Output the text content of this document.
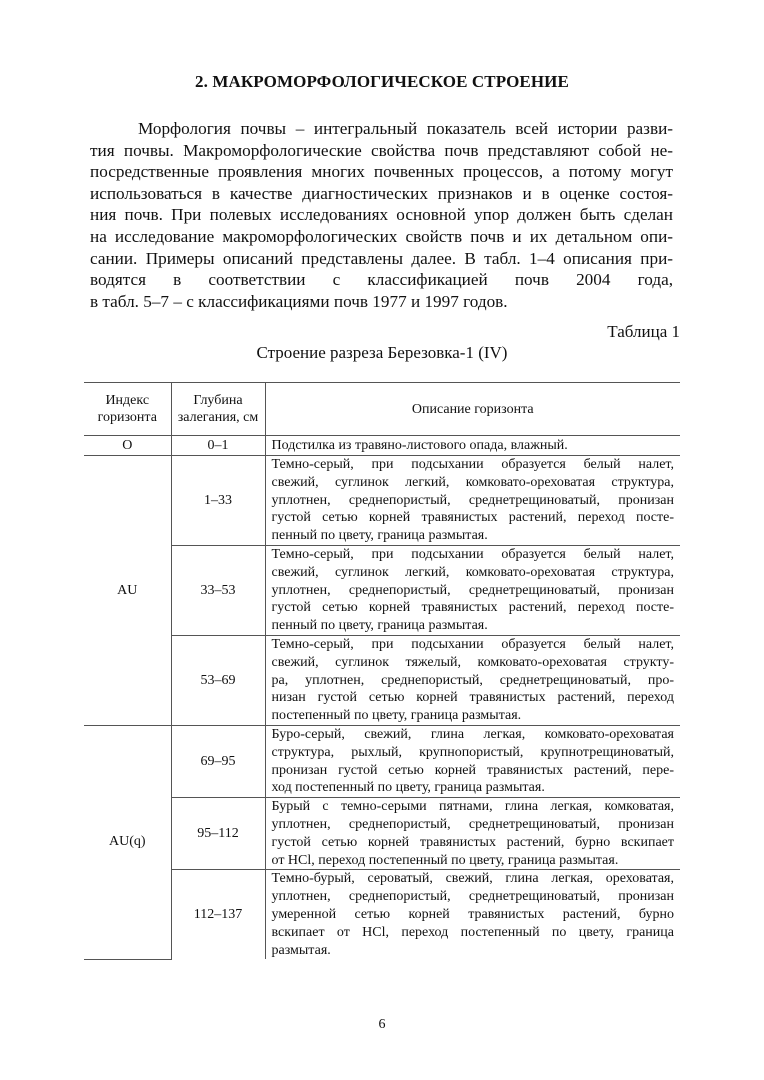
2. МАКРОМОРФОЛОГИЧЕСКОЕ СТРОЕНИЕ
Морфология почвы – интегральный показатель всей истории разви-
тия почвы. Макроморфологические свойства почв представляют собой не-
посредственные проявления многих почвенных процессов, а потому могут
использоваться в качестве диагностических признаков и в оценке состоя-
ния почв. При полевых исследованиях основной упор должен быть сделан
на исследование макроморфологических свойств почв и их детальном опи-
сании. Примеры описаний представлены далее. В табл. 1–4 описания при-
водятся в соответствии с классификацией почв 2004 года,
в табл. 5–7 – с классификациями почв 1977 и 1997 годов.
Таблица 1
Строение разреза Березовка-1 (IV)
Индекс горизонта	Глубина залегания, см	Описание горизонта
O	0–1	Подстилка из травяно-листового опада, влажный.

AU	1–33	Темно-серый, при подсыхании образуется белый налет,
свежий, суглинок легкий, комковато-ореховатая структура,
уплотнен, среднепористый, среднетрещиноватый, пронизан
густой сетью корней травянистых растений, переход посте-
пенный по цвету, граница размытая.

	33–53	Темно-серый, при подсыхании образуется белый налет,
свежий, суглинок легкий, комковато-ореховатая структура,
уплотнен, среднепористый, среднетрещиноватый, пронизан
густой сетью корней травянистых растений, переход посте-
пенный по цвету, граница размытая.

	53–69	Темно-серый, при подсыхании образуется белый налет,
свежий, суглинок тяжелый, комковато-ореховатая структу-
ра, уплотнен, среднепористый, среднетрещиноватый, про-
низан густой сетью корней травянистых растений, переход
постепенный по цвету, граница размытая.

AU(q)	69–95	Буро-серый, свежий, глина легкая, комковато-ореховатая
структура, рыхлый, крупнопористый, крупнотрещиноватый,
пронизан густой сетью корней травянистых растений, пере-
ход постепенный по цвету, граница размытая.

	95–112	Бурый с темно-серыми пятнами, глина легкая, комковатая,
уплотнен, среднепористый, среднетрещиноватый, пронизан
густой сетью корней травянистых растений, бурно вскипает
от HCl, переход постепенный по цвету, граница размытая.

	112–137	Темно-бурый, сероватый, свежий, глина легкая, ореховатая,
уплотнен, среднепористый, среднетрещиноватый, пронизан
умеренной сетью корней травянистых растений, бурно
вскипает от HCl, переход постепенный по цвету, граница
размытая.
6
